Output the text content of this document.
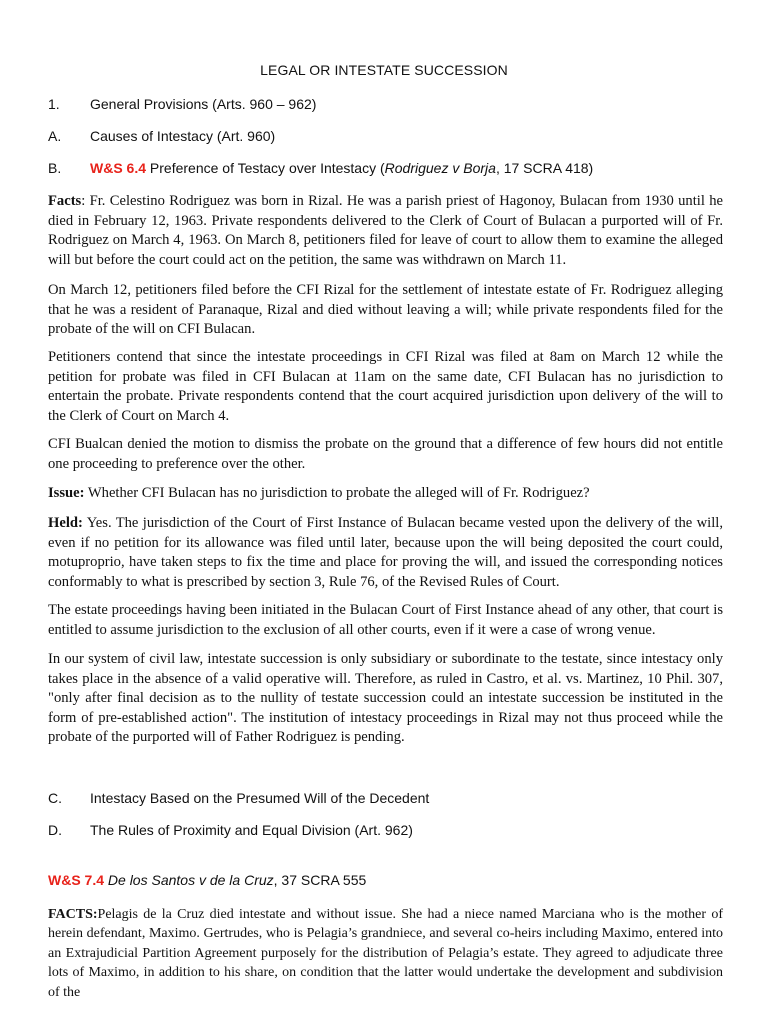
LEGAL OR INTESTATE SUCCESSION
1. General Provisions (Arts. 960 – 962)
A. Causes of Intestacy (Art. 960)
B. W&S 6.4 Preference of Testacy over Intestacy (Rodriguez v Borja, 17 SCRA 418)

Facts: Fr. Celestino Rodriguez was born in Rizal. He was a parish priest of Hagonoy, Bulacan from 1930 until he died in February 12, 1963. Private respondents delivered to the Clerk of Court of Bulacan a purported will of Fr. Rodriguez on March 4, 1963. On March 8, petitioners filed for leave of court to allow them to examine the alleged will but before the court could act on the petition, the same was withdrawn on March 11.

On March 12, petitioners filed before the CFI Rizal for the settlement of intestate estate of Fr. Rodriguez alleging that he was a resident of Paranaque, Rizal and died without leaving a will; while private respondents filed for the probate of the will on CFI Bulacan.

Petitioners contend that since the intestate proceedings in CFI Rizal was filed at 8am on March 12 while the petition for probate was filed in CFI Bulacan at 11am on the same date, CFI Bulacan has no jurisdiction to entertain the probate. Private respondents contend that the court acquired jurisdiction upon delivery of the will to the Clerk of Court on March 4.

CFI Bualcan denied the motion to dismiss the probate on the ground that a difference of few hours did not entitle one proceeding to preference over the other.

Issue: Whether CFI Bulacan has no jurisdiction to probate the alleged will of Fr. Rodriguez?

Held: Yes. The jurisdiction of the Court of First Instance of Bulacan became vested upon the delivery of the will, even if no petition for its allowance was filed until later, because upon the will being deposited the court could, motuproprio, have taken steps to fix the time and place for proving the will, and issued the corresponding notices conformably to what is prescribed by section 3, Rule 76, of the Revised Rules of Court.

The estate proceedings having been initiated in the Bulacan Court of First Instance ahead of any other, that court is entitled to assume jurisdiction to the exclusion of all other courts, even if it were a case of wrong venue.

In our system of civil law, intestate succession is only subsidiary or subordinate to the testate, since intestacy only takes place in the absence of a valid operative will. Therefore, as ruled in Castro, et al. vs. Martinez, 10 Phil. 307, "only after final decision as to the nullity of testate succession could an intestate succession be instituted in the form of pre-established action". The institution of intestacy proceedings in Rizal may not thus proceed while the probate of the purported will of Father Rodriguez is pending.

C. Intestacy Based on the Presumed Will of the Decedent
D. The Rules of Proximity and Equal Division (Art. 962)
W&S 7.4 De los Santos v de la Cruz, 37 SCRA 555

FACTS:Pelagis de la Cruz died intestate and without issue. She had a niece named Marciana who is the mother of herein defendant, Maximo. Gertrudes, who is Pelagia’s grandniece, and several co-heirs including Maximo, entered into an Extrajudicial Partition Agreement purposely for the distribution of Pelagia’s estate. They agreed to adjudicate three lots of Maximo, in addition to his share, on condition that the latter would undertake the development and subdivision of the
